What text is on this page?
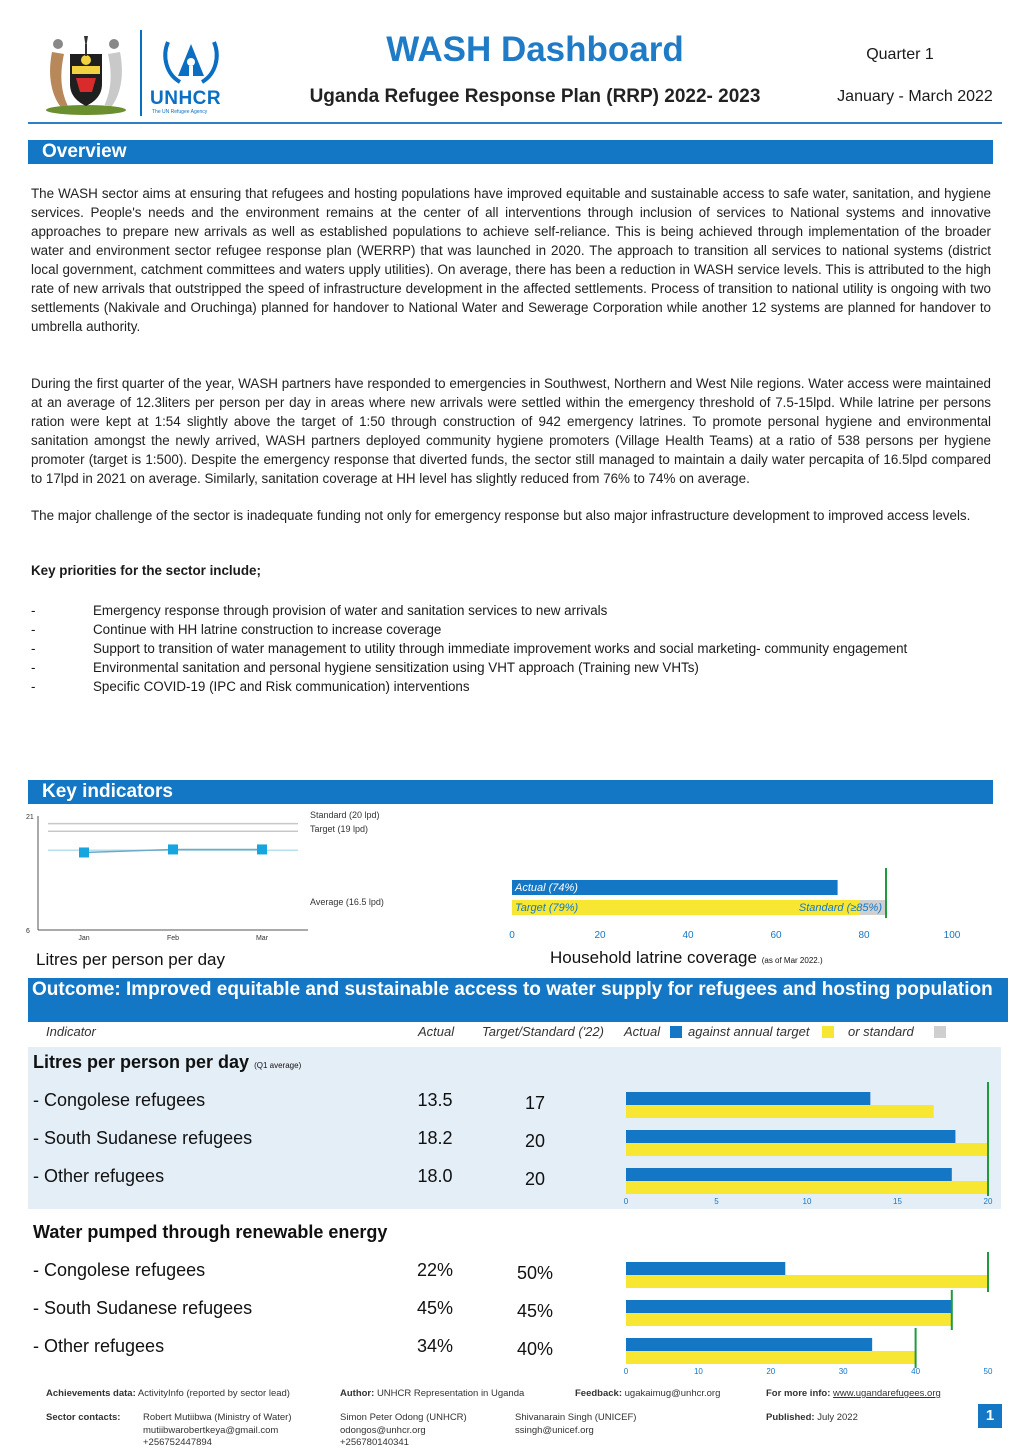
UNHCR
The UN Refugee Agency
WASH Dashboard
Uganda Refugee Response Plan (RRP) 2022- 2023
Quarter 1
January - March 2022
Overview

The WASH sector aims at ensuring that refugees and hosting populations have improved equitable and sustainable access to safe water, sanitation, and hygiene services. People's needs and the environment remains at the center of all interventions through inclusion of services to National systems and innovative approaches to prepare new arrivals as well as established populations to achieve self-reliance. This is being achieved through implementation of the broader water and environment sector refugee response plan (WERRP) that was launched in 2020. The approach to transition all services to national systems (district local government, catchment committees and waters upply utilities). On average, there has been a reduction in WASH service levels. This is attributed to the high rate of new arrivals that outstripped the speed of infrastructure development in the affected settlements. Process of transition to national utility is ongoing with two settlements (Nakivale and Oruchinga) planned for handover to National Water and Sewerage Corporation while another 12 systems are planned for handover to umbrella authority.

During the first quarter of the year, WASH partners have responded to emergencies in Southwest, Northern and West Nile regions. Water access were maintained at an average of 12.3liters per person per day in areas where new arrivals were settled within the emergency threshold of 7.5-15lpd. While latrine per persons ration were kept at 1:54 slightly above the target of 1:50 through construction of 942 emergency latrines. To promote personal hygiene and environmental sanitation amongst the newly arrived, WASH partners deployed community hygiene promoters (Village Health Teams) at a ratio of 538 persons per hygiene promoter (target is 1:500). Despite the emergency response that diverted funds, the sector still managed to maintain a daily water percapita of 16.5lpd compared to 17lpd in 2021 on average. Similarly, sanitation coverage at HH level has slightly reduced from 76% to 74% on average.

The major challenge of the sector is inadequate funding not only for emergency response but also major infrastructure development to improved access levels.

Key priorities for the sector include;
-	Emergency response through provision of water and sanitation services to new arrivals
-	Continue with HH latrine construction to increase coverage
-	Support to transition of water management to utility through immediate improvement works and social marketing- community engagement
-	Environmental sanitation and personal hygiene sensitization using VHT approach (Training new VHTs)
-	Specific COVID-19 (IPC and Risk communication) interventions
Key indicators
21
6
Standard (20 lpd)
Target (19 lpd)
Average (16.5 lpd)
Jan	Feb	Mar
Litres per person per day
Actual (74%)
Target (79%)	Standard (≥85%)
0	20	40	60	80	100
Household latrine coverage (as of Mar 2022.)
Outcome: Improved equitable and sustainable access to water supply for refugees and hosting population
Indicator	Actual Target/Standard ('22) Actual against annual target	or standard
Litres per person per day (Q1 average)
- Congolese refugees	13.5	17
- South Sudanese refugees	18.2	20
- Other refugees	18.0	20
0	5	10	15	20
Water pumped through renewable energy
- Congolese refugees	22%	50%
- South Sudanese refugees	45%	45%
- Other refugees	34%	40%
0	10	20	30	40	50
Achievements data: ActivityInfo (reported by sector lead)	Author: UNHCR Representation in Uganda	Feedback: ugakaimug@unhcr.org	For more info: www.ugandarefugees.org
Sector contacts: Robert Mutiibwa (Ministry of Water)
mutiibwarobertkeya@gmail.com
+256752447894
Simon Peter Odong (UNHCR)
odongos@unhcr.org
+256780140341
Shivanarain Singh (UNICEF)
ssingh@unicef.org
Published: July 2022	1
